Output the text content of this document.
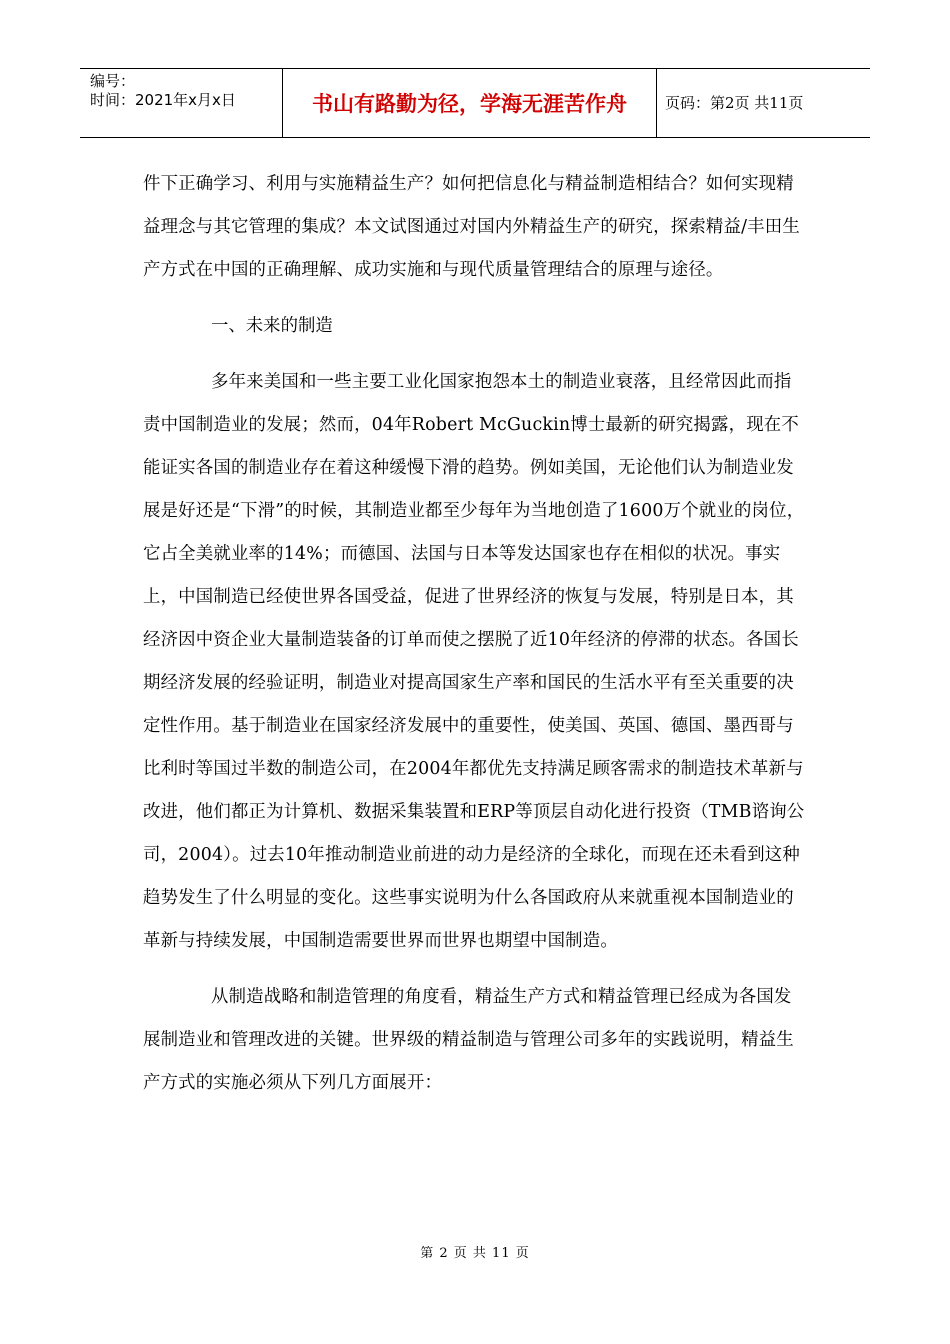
编号：
时间：2021年x月x日	书山有路勤为径，学海无涯苦作舟	页码：第2页 共11页

件下正确学习、利用与实施精益生产？如何把信息化与精益制造相结合？如何实现精益理念与其它管理的集成？本文试图通过对国内外精益生产的研究，探索精益/丰田生产方式在中国的正确理解、成功实施和与现代质量管理结合的原理与途径。

一、未来的制造

多年来美国和一些主要工业化国家抱怨本土的制造业衰落，且经常因此而指责中国制造业的发展；然而，04年Robert McGuckin博士最新的研究揭露，现在不能证实各国的制造业存在着这种缓慢下滑的趋势。例如美国，无论他们认为制造业发展是好还是“下滑”的时候，其制造业都至少每年为当地创造了1600万个就业的岗位，它占全美就业率的14%；而德国、法国与日本等发达国家也存在相似的状况。事实上，中国制造已经使世界各国受益，促进了世界经济的恢复与发展，特别是日本，其经济因中资企业大量制造装备的订单而使之摆脱了近10年经济的停滞的状态。各国长期经济发展的经验证明，制造业对提高国家生产率和国民的生活水平有至关重要的决定性作用。基于制造业在国家经济发展中的重要性，使美国、英国、德国、墨西哥与比利时等国过半数的制造公司，在2004年都优先支持满足顾客需求的制造技术革新与改进，他们都正为计算机、数据采集装置和ERP等顶层自动化进行投资（TMB谘询公司，2004）。过去10年推动制造业前进的动力是经济的全球化，而现在还未看到这种趋势发生了什么明显的变化。这些事实说明为什么各国政府从来就重视本国制造业的革新与持续发展，中国制造需要世界而世界也期望中国制造。

从制造战略和制造管理的角度看，精益生产方式和精益管理已经成为各国发展制造业和管理改进的关键。世界级的精益制造与管理公司多年的实践说明，精益生产方式的实施必须从下列几方面展开：

第 2 页 共 11 页
